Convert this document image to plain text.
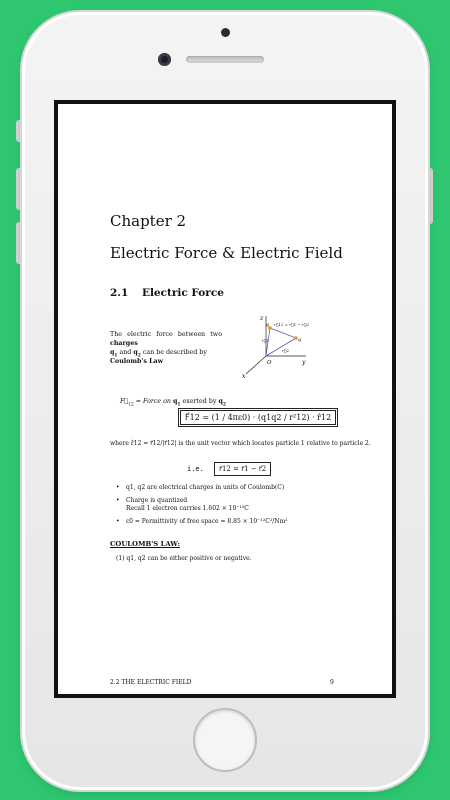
Chapter 2
Electric Force & Electric Field
2.1 Electric Force
The electric force between two charges
$q_1$ and $q_2$ can be described by
Coulomb's Law
z
y
x
O
q
q
r⃗12 = r⃗1 − r⃗2
r⃗1
r⃗2
$F⃗_{12}$ = Force on $q_1$ exerted by $q_2$
F⃗12 = (1 / 4πε0) · (q1q2 / r²12) · r̂12
where r̂12 = r⃗12/|r⃗12| is the unit vector which locates particle 1 relative to particle 2.
i.e. r⃗12 = r⃗1 − r⃗2
• q1, q2 are electrical charges in units of Coulomb(C)
• Charge is quantized
Recall 1 electron carries 1.602 × 10⁻¹⁹C
• ε0 = Permittivity of free space = 8.85 × 10⁻¹²C²/Nm²
COULOMB'S LAW:
(1) q1, q2 can be either positive or negative.
2.2 THE ELECTRIC FIELD	9
